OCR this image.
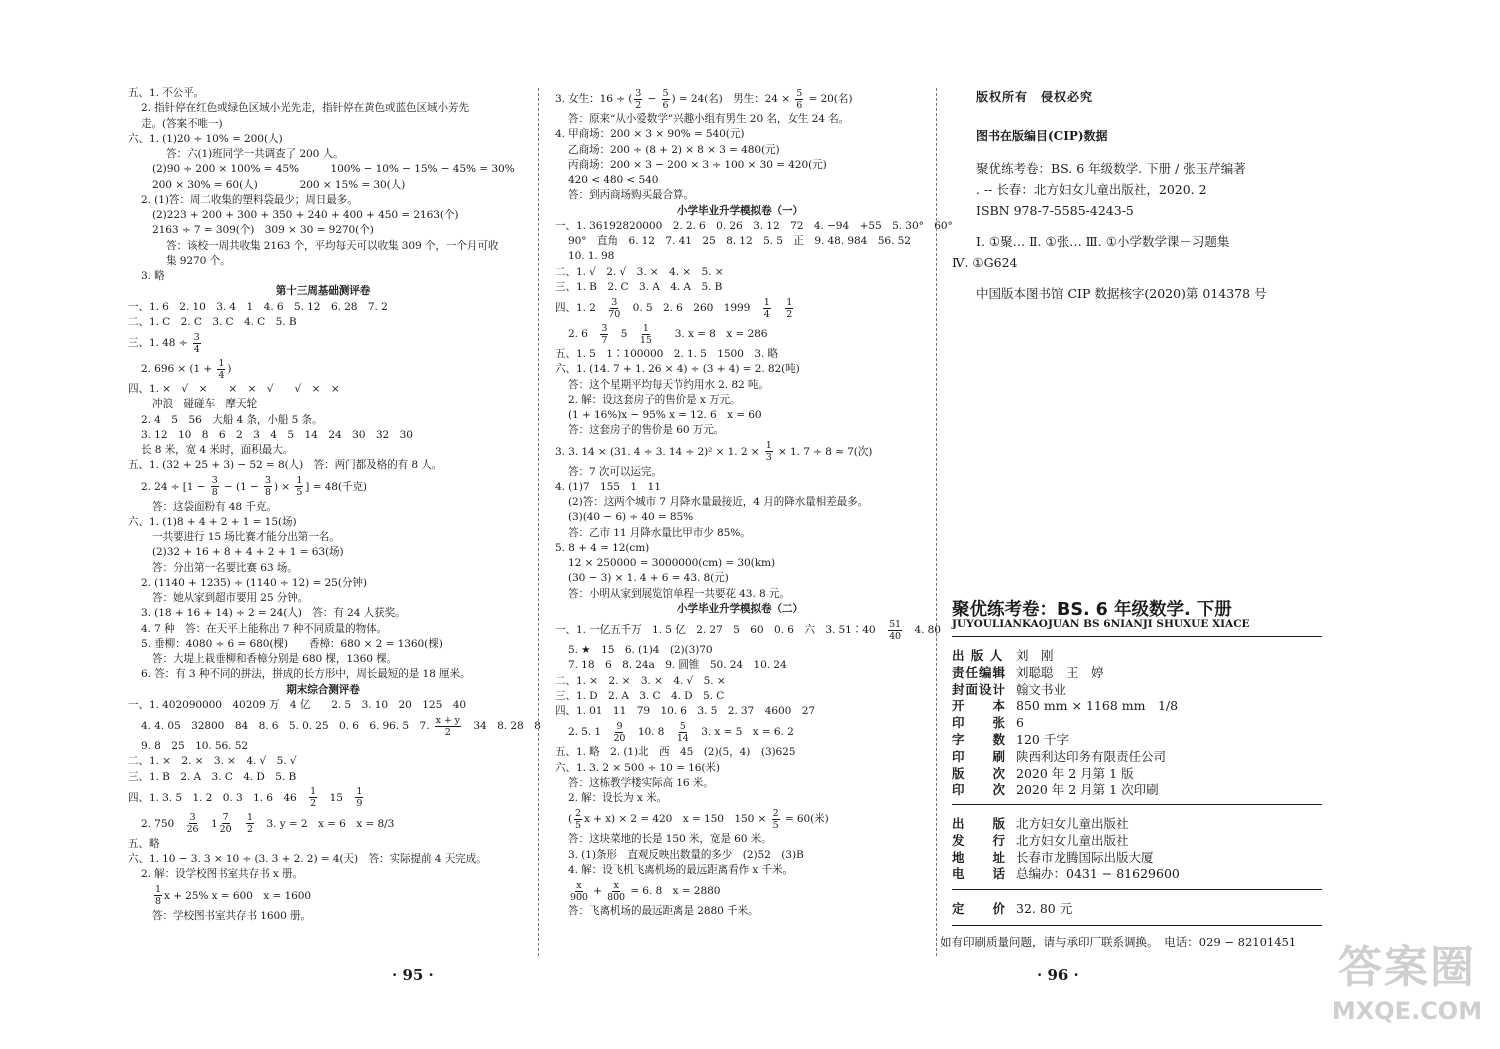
五、1. 不公平。
2. 指针停在红色或绿色区域小光先走，指针停在黄色或蓝色区域小芳先
走。(答案不唯一)
六、1. (1)20 ÷ 10% = 200(人)
答：六(1)班同学一共调查了 200 人。
(2)90 ÷ 200 × 100% = 45%　　　100% − 10% − 15% − 45% = 30%
200 × 30% = 60(人)　　　　200 × 15% = 30(人)
2. (1)答：周二收集的塑料袋最少；周日最多。
(2)223 + 200 + 300 + 350 + 240 + 400 + 450 = 2163(个)
2163 ÷ 7 = 309(个)　309 × 30 = 9270(个)
答：该校一周共收集 2163 个，平均每天可以收集 309 个，一个月可收
集 9270 个。
3. 略
第十三周基础测评卷
一、1. 6　2. 10　3. 4　1　4. 6　5. 12　6. 28　7. 2
二、1. C　2. C　3. C　4. C　5. B
三、1. $48 \div \frac{3}{4}$
2. $696 \times (1 + \frac{1}{4}$ )
四、1. ×　√　×　　×　×　√　　√　×　×
冲浪　碰碰车　摩天轮
2. 4　5　56　大船 4 条，小船 5 条。
3. 12　10　8　6　2　3　4　5　14　24　30　32　30
长 8 米，宽 4 米时，面积最大。
五、1. (32 + 25 + 3) − 52 = 8(人)　答：两门都及格的有 8 人。
2. $24 \div [1 - \frac{3}{8} - (1 - \frac{3}{8}$ ) × $\frac{1}{5}$ ] = 48(千克)
答：这袋面粉有 48 千克。
六、1. (1)8 + 4 + 2 + 1 = 15(场)
一共要进行 15 场比赛才能分出第一名。
(2)32 + 16 + 8 + 4 + 2 + 1 = 63(场)
答：分出第一名要比赛 63 场。
2. (1140 + 1235) ÷ (1140 ÷ 12) = 25(分钟)
答：她从家到超市要用 25 分钟。
3. (18 + 16 + 14) ÷ 2 = 24(人)　答：有 24 人获奖。
4. 7 种　答：在天平上能称出 7 种不同质量的物体。
5. 垂柳：4080 ÷ 6 = 680(棵)　　香樟：680 × 2 = 1360(棵)
答：大堤上栽垂柳和香樟分别是 680 棵，1360 棵。
6. 答：有 3 种不同的拼法，拼成的长方形中，周长最短的是 18 厘米。
期末综合测评卷
一、1. 402090000　40209 万　4 亿　　2. 5　3. 10　20　125　40
4. 4. 05　32800　84　8. 6　5. 0. 25　0. 6　6. 96. 5　7. $\frac{x + y}{2}$ 　34　8. 28　8
9. 8　25　10. 56. 52
二、1. ×　2. ×　3. ×　4. √　5. √
三、1. B　2. A　3. C　4. D　5. B
四、1. 3. 5　1. 2　0. 3　1. 6　46　 $\frac{1}{2}$ 　15　 $\frac{1}{9}$
2. 750　 $\frac{3}{26}$ 　$1 \frac{7}{20}$
　 $\frac{1}{2}$ 　3. y = 2　x = 6　x = 8/3
五、略
六、1. 10 − 3. 3 × 10 ÷ (3. 3 + 2. 2) = 4(天)　答：实际提前 4 天完成。
2. 解：设学校图书室共存书 x 册。
$\frac{1}{8}$ x + 25% x = 600　x = 1600
答：学校图书室共存书 1600 册。
3. 女生：16 ÷ ( $\frac{3}{2} - \frac{5}{6}$ ) = 24(名)　男生：$24 \times \frac{5}{6} = 20$(名)
答：原来“从小爱数学”兴趣小组有男生 20 名，女生 24 名。
4. 甲商场：200 × 3 × 90% = 540(元)
乙商场：200 ÷ (8 + 2) × 8 × 3 = 480(元)
丙商场：200 × 3 − 200 × 3 ÷ 100 × 30 = 420(元)
420 < 480 < 540
答：到丙商场购买最合算。
小学毕业升学模拟卷（一）
一、1. 36192820000　2. 2. 6　0. 26　3. 12　72　4. −94　+55　5. 30°　60°
90°　直角　6. 12　7. 41　25　8. 12　5. 5　正　9. 48. 984　56. 52
10. 1. 98
二、1. √　2. √　3. ×　4. ×　5. ×
三、1. B　2. C　3. A　4. A　5. B
四、1. 2　 $\frac{3}{70}$ 　0. 5　2. 6　260　1999　 $\frac{1}{4}$
　 $\frac{1}{2}$
2. 6　 $\frac{3}{7}$ 　5　 $\frac{1}{15}$ 　　3. x = 8　x = 286
五、1. 5　1∶100000　2. 1. 5　1500　3. 略
六、1. (14. 7 + 1. 26 × 4) ÷ (3 + 4) = 2. 82(吨)
答：这个星期平均每天节约用水 2. 82 吨。
2. 解：设这套房子的售价是 x 万元。
(1 + 16%)x − 95% x = 12. 6　x = 60
答：这套房子的售价是 60 万元。
3. 3. 14 × (31. 4 ÷ 3. 14 ÷ 2)² × 1. $2 \times \frac{1}{3} \times 1$. 7 ÷ 8 ≈ 7(次)
答：7 次可以运完。
4. (1)7　155　1　11
(2)答：这两个城市 7 月降水量最接近，4 月的降水量相差最多。
(3)(40 − 6) ÷ 40 = 85%
答：乙市 11 月降水量比甲市少 85%。
5. 8 + 4 = 12(cm)
12 × 250000 = 3000000(cm) = 30(km)
(30 − 3) × 1. 4 + 6 = 43. 8(元)
答：小明从家到展览馆单程一共要花 43. 8 元。
小学毕业升学模拟卷（二）
一、1. 一亿五千万　1. 5 亿　2. 27　5　60　0. 6　六　3. 51∶40　 $\frac{51}{40}$ 　4. 80
5. ★　15　6. (1)4　(2)(3)70
7. 18　6　8. 24a　9. 圆锥　50. 24　10. 24
二、1. ×　2. ×　3. ×　4. √　5. ×
三、1. D　2. A　3. C　4. D　5. C
四、1. 01　11　79　10. 6　3. 5　2. 37　4600　27
2. 5. 1　 $\frac{9}{20}$ 　10. 8　 $\frac{5}{14}$ 　3. x = 5　x = 6. 2
五、1. 略　2. (1)北　西　45　(2)(5，4)　(3)625
六、1. 3. 2 × 500 ÷ 10 = 16(米)
答：这栋教学楼实际高 16 米。
2. 解：设长为 x 米。
( $\frac{2}{5}$ x + x) × 2 = 420　x = 150　$150 \times \frac{2}{5} = 60$(米)
答：这块菜地的长是 150 米，宽是 60 米。
3. (1)条形　直观反映出数量的多少　(2)52　(3)B
4. 解：设飞机飞离机场的最远距离看作 x 千米。
$\frac{x}{900} + \frac{x}{800} = 6$. 8　x = 2880
答：飞离机场的最远距离是 2880 千米。
· 95 ·	· 96 ·
版权所有　侵权必究
图书在版编目(CIP)数据
聚优练考卷：BS. 6 年级数学. 下册 / 张玉芹编著
. -- 长春：北方妇女儿童出版社，2020. 2
ISBN 978-7-5585-4243-5
Ⅰ. ①聚… Ⅱ. ①张… Ⅲ. ①小学数学课－习题集
Ⅳ. ①G624
中国版本图书馆 CIP 数据核字(2020)第 014378 号
聚优练考卷：BS. 6 年级数学. 下册
JUYOULIANKAOJUAN BS 6NIANJI SHUXUE XIACE
出 版 人	刘　刚
责任编辑 刘聪聪　王　婷
封面设计 翰文书业
开　　本 850 mm × 1168 mm　1/8
印　　张 6
字　　数 120 千字
印　　刷 陕西利达印务有限责任公司
版　　次 2020 年 2 月第 1 版
印　　次 2020 年 2 月第 1 次印刷
出　　版 北方妇女儿童出版社
发　　行 北方妇女儿童出版社
地　　址 长春市龙腾国际出版大厦
电　　话 总编办：0431 − 81629600
定　　价 32. 80 元
如有印刷质量问题，请与承印厂联系调换。　电话：029 − 82101451 答案圈
MXQE.COM
